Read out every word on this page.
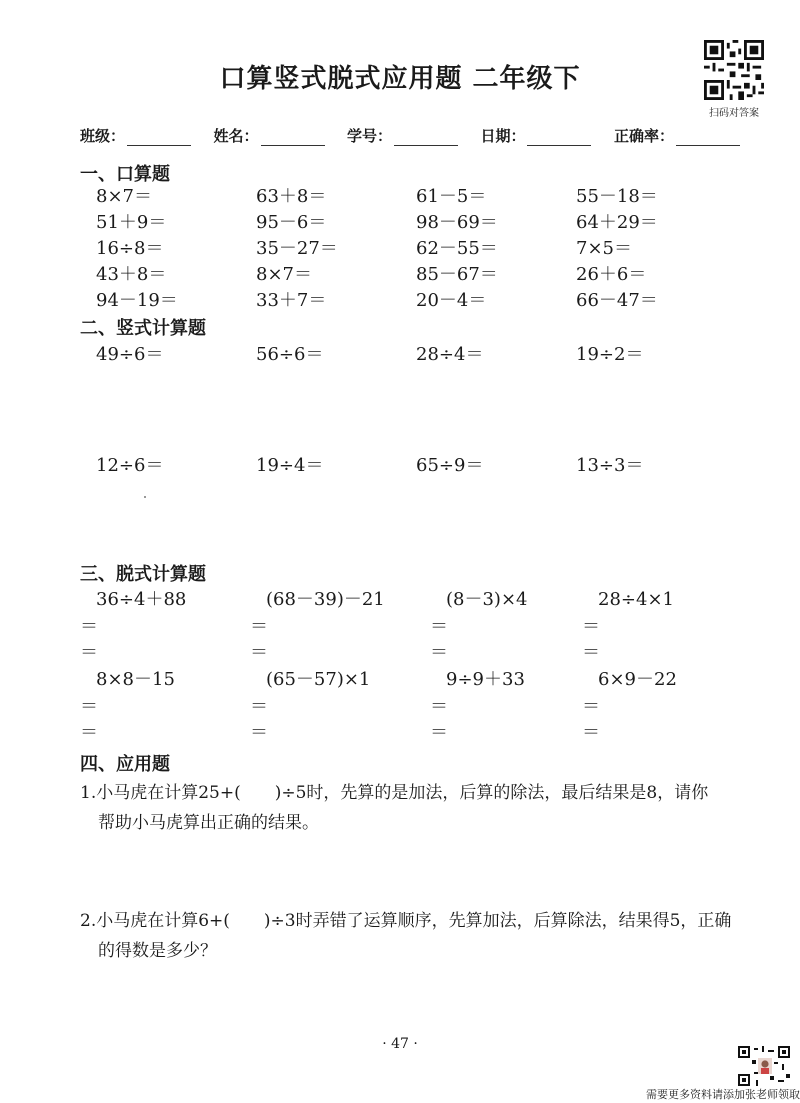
口算竖式脱式应用题 二年级下
扫码对答案
班级：	姓名：	学号：	日期：	正确率：
一、口算题
8×7＝	63＋8＝	61－5＝	55－18＝
51＋9＝	95－6＝	98－69＝	64＋29＝
16÷8＝	35－27＝	62－55＝	7×5＝
43＋8＝	8×7＝	85－67＝	26＋6＝
94－19＝	33＋7＝	20－4＝	66－47＝
二、竖式计算题
49÷6＝	56÷6＝	28÷4＝	19÷2＝
12÷6＝	19÷4＝	65÷9＝	13÷3＝
三、脱式计算题
36÷4＋88
＝
＝
(68－39)－21
＝
＝
(8－3)×4
＝
＝
28÷4×1
＝
＝
8×8－15
＝
＝
(65－57)×1
＝
＝
9÷9＋33
＝
＝
6×9－22
＝
＝
四、应用题
1.小马虎在计算25+( )÷5时，先算的是加法，后算的除法，最后结果是8，请你
帮助小马虎算出正确的结果。
2.小马虎在计算6+( )÷3时弄错了运算顺序，先算加法，后算除法，结果得5，正确
的得数是多少？
· 47 ·
需要更多资料请添加张老师领取
